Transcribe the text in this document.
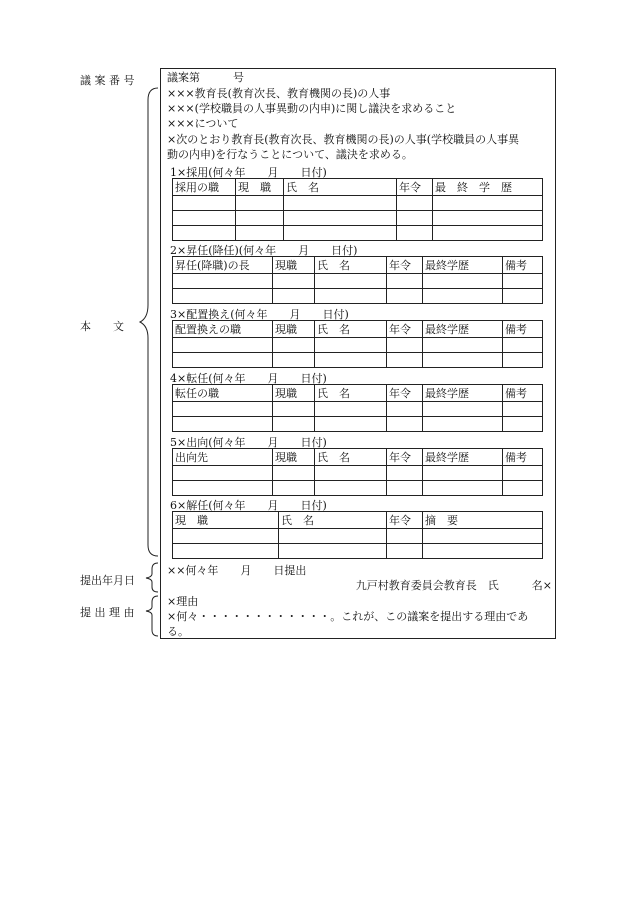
議 案 番 号
本　　文
提出年月日
提 出 理 由
議案第　　　号
×××教育長(教育次長、教育機関の長)の人事
×××(学校職員の人事異動の内申)に関し議決を求めること
×××について
×次のとおり教育長(教育次長、教育機関の長)の人事(学校職員の人事異
動の内申)を行なうことについて、議決を求める。
1×採用(何々年　　月　　日付)
採用の職	現　職	氏　名	年令	最　終　学　歴

2×昇任(降任)(何々年　　月　　日付)
昇任(降職)の長	現職	氏　名	年令	最終学歴	備考

3×配置換え(何々年　　月　　日付)
配置換えの職	現職	氏　名	年令	最終学歴	備考

4×転任(何々年　　月　　日付)
転任の職	現職	氏　名	年令	最終学歴	備考

5×出向(何々年　　月　　日付)
出向先	現職	氏　名	年令	最終学歴	備考

6×解任(何々年　　月　　日付)
現　職	氏　名	年令	摘　要

××何々年　　月　　日提出
九戸村教育委員会教育長　氏　　　名×
×理由
×何々・・・・・・・・・・・・。これが、この議案を提出する理由であ
る。
